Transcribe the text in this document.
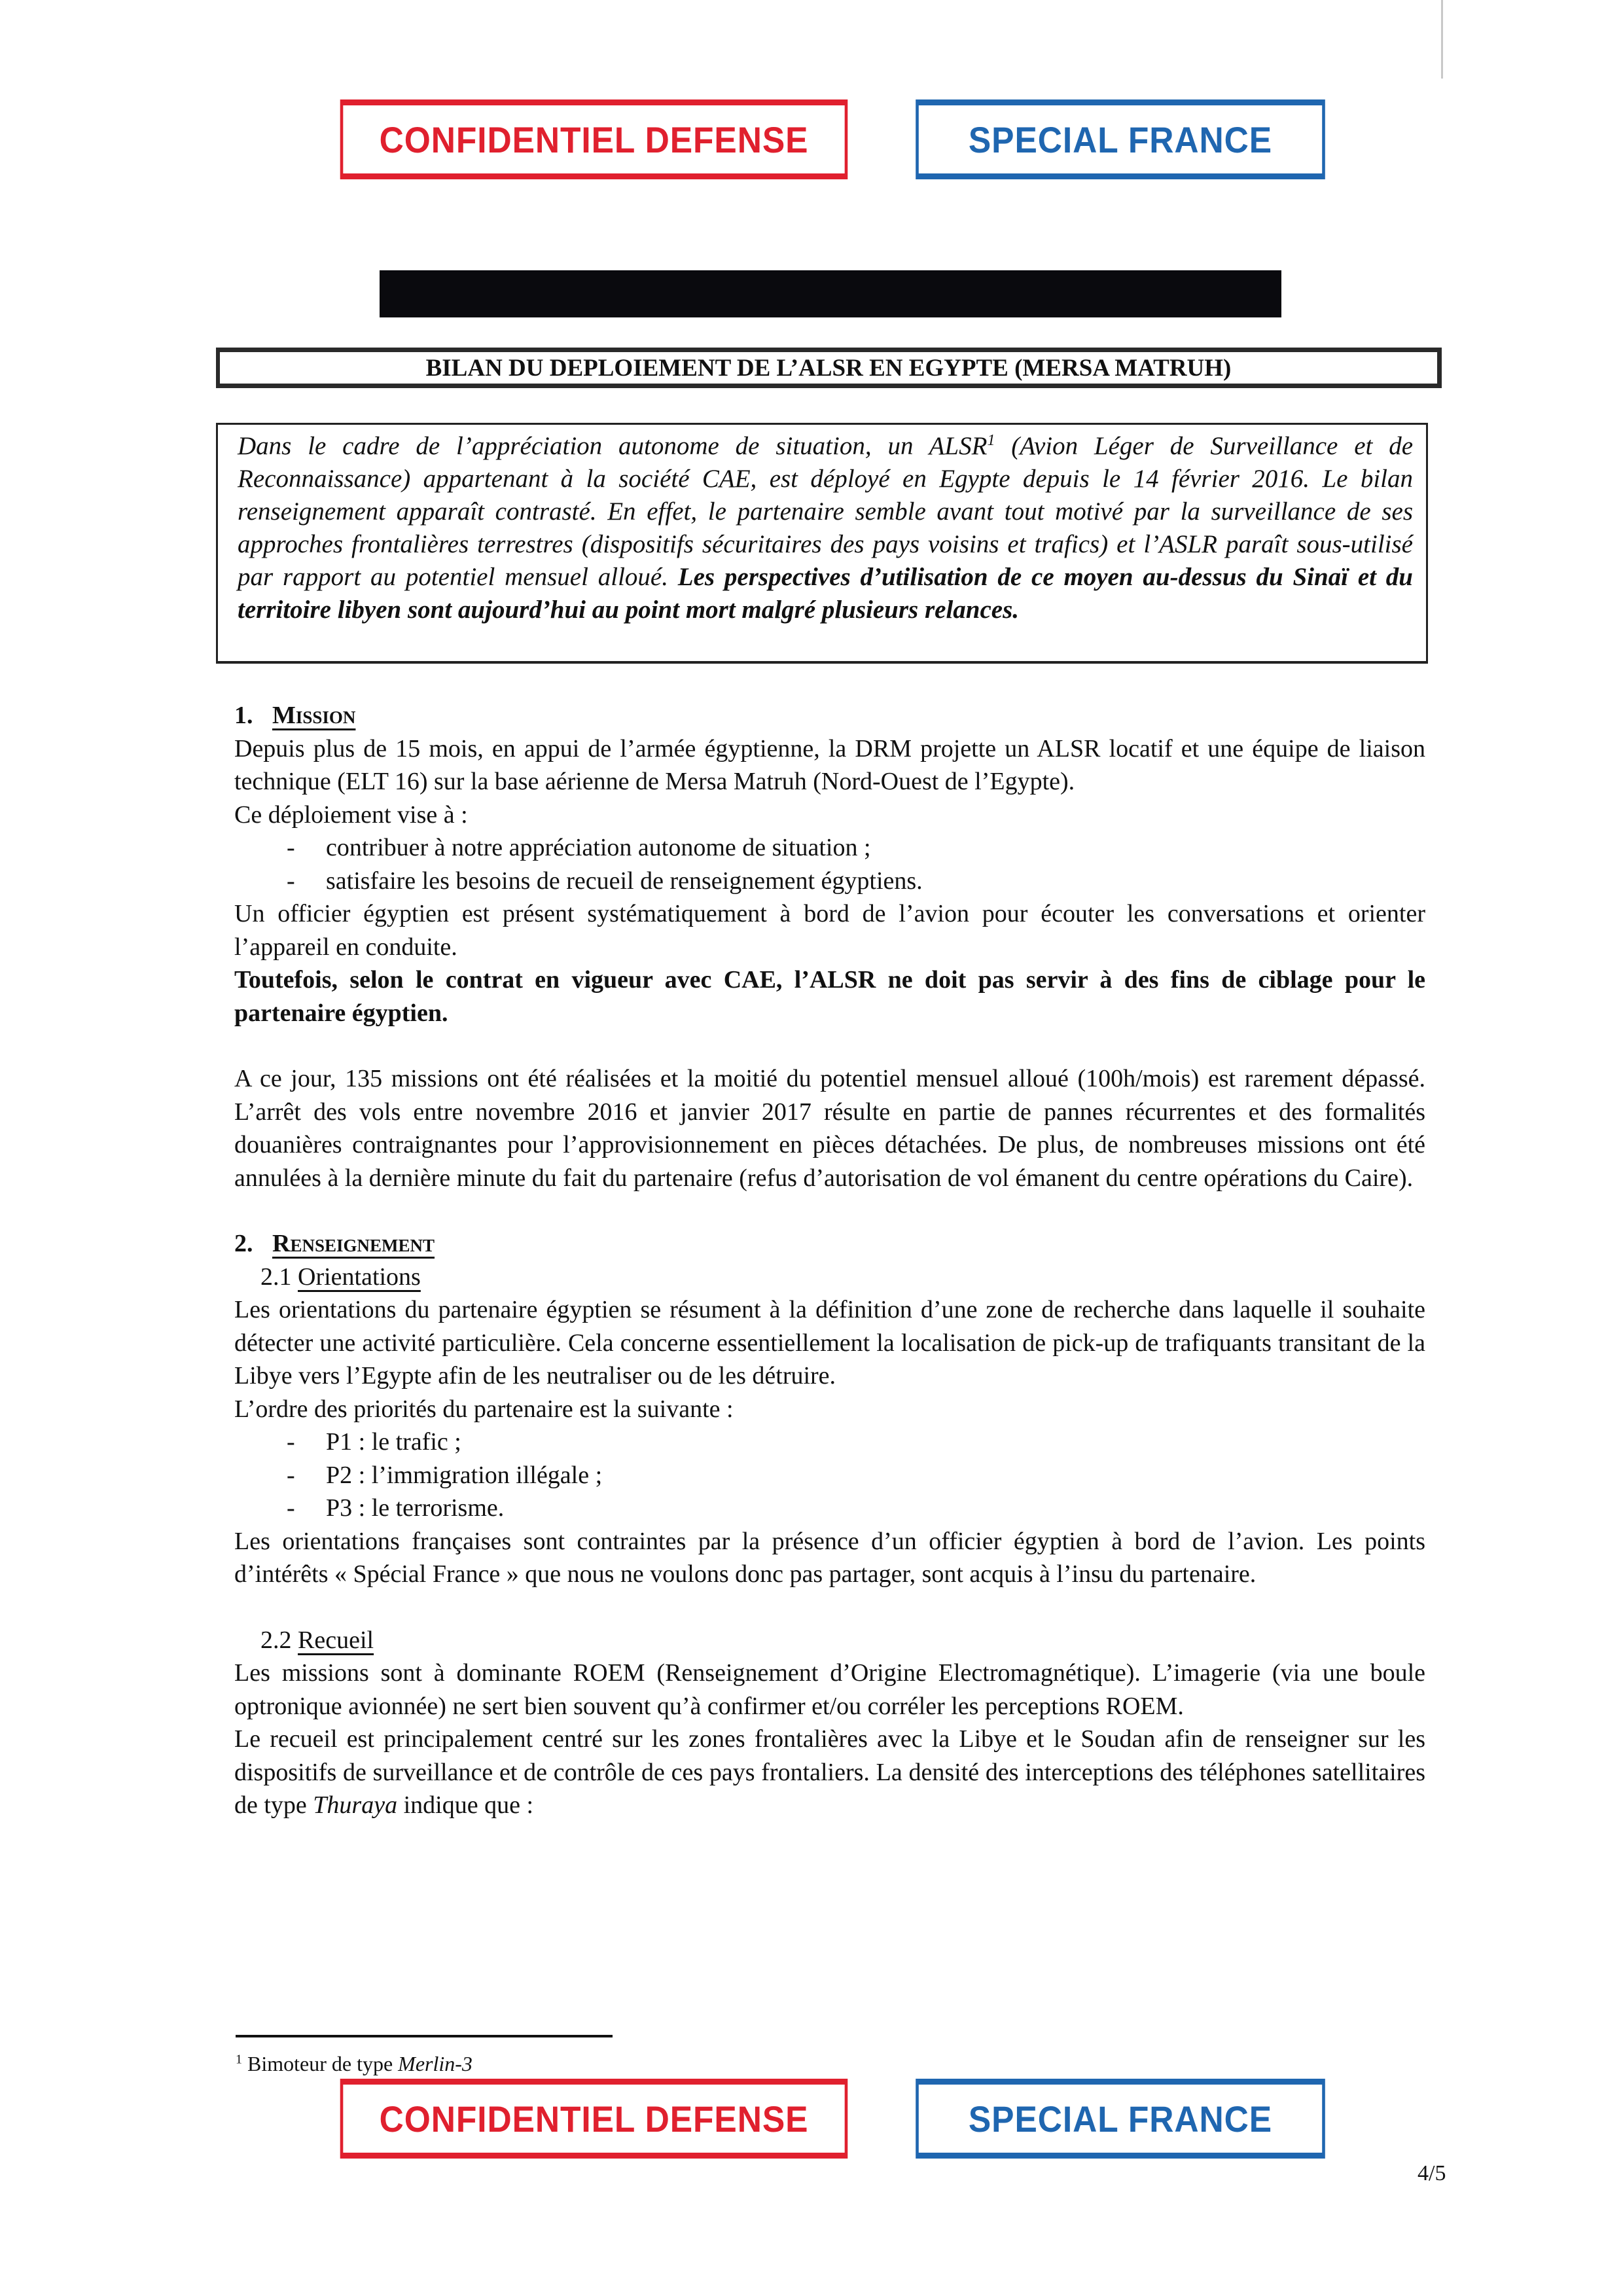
CONFIDENTIEL DEFENSE	SPECIAL FRANCE
BILAN DU DEPLOIEMENT DE L’ALSR EN EGYPTE (MERSA MATRUH)
Dans le cadre de l’appréciation autonome de situation, un ALSR$^1$ (Avion Léger de Surveillance et de Reconnaissance) appartenant à la société CAE, est déployé en Egypte depuis le 14 février 2016. Le bilan renseignement apparaît contrasté. En effet, le partenaire semble avant tout motivé par la surveillance de ses approches frontalières terrestres (dispositifs sécuritaires des pays voisins et trafics) et l’ASLR paraît sous-utilisé par rapport au potentiel mensuel alloué. Les perspectives d’utilisation de ce moyen au-dessus du Sinaï et du territoire libyen sont aujourd’hui au point mort malgré plusieurs relances.
1. Mission

Depuis plus de 15 mois, en appui de l’armée égyptienne, la DRM projette un ALSR locatif et une équipe de liaison technique (ELT 16) sur la base aérienne de Mersa Matruh (Nord-Ouest de l’Egypte).

Ce déploiement vise à :

-	contribuer à notre appréciation autonome de situation ;
-	satisfaire les besoins de recueil de renseignement égyptiens.

Un officier égyptien est présent systématiquement à bord de l’avion pour écouter les conversations et orienter l’appareil en conduite.

Toutefois, selon le contrat en vigueur avec CAE, l’ALSR ne doit pas servir à des fins de ciblage pour le partenaire égyptien.

A ce jour, 135 missions ont été réalisées et la moitié du potentiel mensuel alloué (100h/mois) est rarement dépassé. L’arrêt des vols entre novembre 2016 et janvier 2017 résulte en partie de pannes récurrentes et des formalités douanières contraignantes pour l’approvisionnement en pièces détachées. De plus, de nombreuses missions ont été annulées à la dernière minute du fait du partenaire (refus d’autorisation de vol émanent du centre opérations du Caire).

2. Renseignement
2.1 Orientations

Les orientations du partenaire égyptien se résument à la définition d’une zone de recherche dans laquelle il souhaite détecter une activité particulière. Cela concerne essentiellement la localisation de pick-up de trafiquants transitant de la Libye vers l’Egypte afin de les neutraliser ou de les détruire.

L’ordre des priorités du partenaire est la suivante :

-	P1 : le trafic ;
-	P2 : l’immigration illégale ;
-	P3 : le terrorisme.

Les orientations françaises sont contraintes par la présence d’un officier égyptien à bord de l’avion. Les points d’intérêts « Spécial France » que nous ne voulons donc pas partager, sont acquis à l’insu du partenaire.

2.2 Recueil

Les missions sont à dominante ROEM (Renseignement d’Origine Electromagnétique). L’imagerie (via une boule optronique avionnée) ne sert bien souvent qu’à confirmer et/ou corréler les perceptions ROEM.

Le recueil est principalement centré sur les zones frontalières avec la Libye et le Soudan afin de renseigner sur les dispositifs de surveillance et de contrôle de ces pays frontaliers. La densité des interceptions des téléphones satellitaires de type Thuraya indique que :

$^1$ Bimoteur de type Merlin-3
CONFIDENTIEL DEFENSE	SPECIAL FRANCE
4/5
